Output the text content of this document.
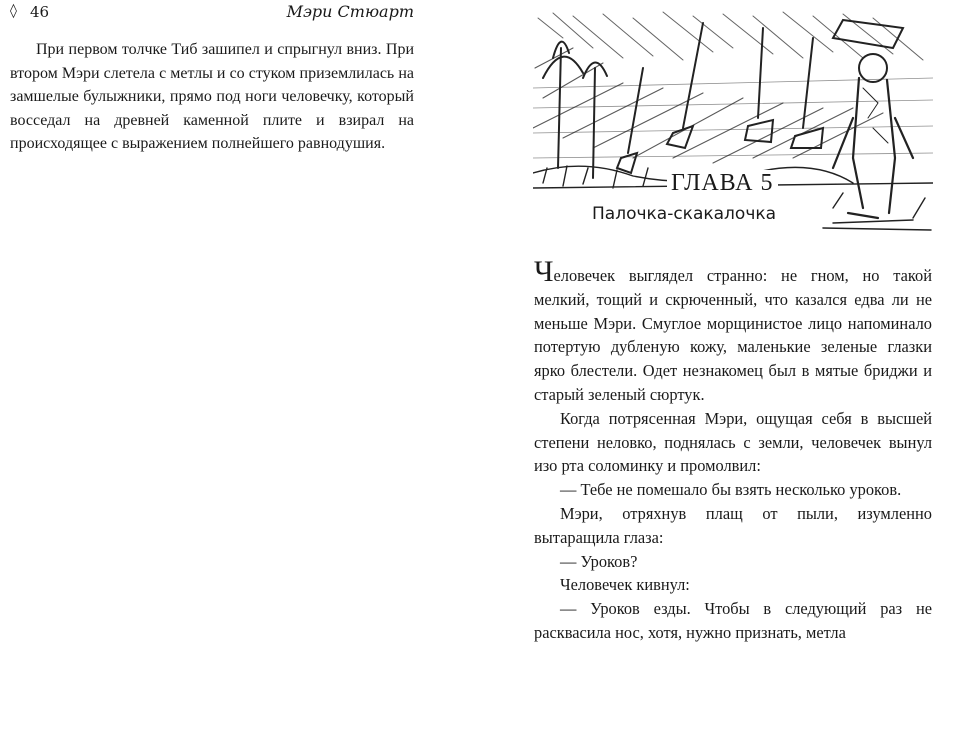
◊ 46	Мэри Стюарт

При первом толчке Тиб зашипел и спрыгнул вниз. При втором Мэри слетела с метлы и со стуком приземлилась на замшелые булыжники, прямо под ноги человечку, который восседал на древней каменной плите и взирал на происходящее с выражением полнейшего равнодушия.

ГЛАВА 5
Палочка-скакалочка

Человечек выглядел странно: не гном, но такой мелкий, тощий и скрюченный, что казался едва ли не меньше Мэри. Смуглое морщинистое лицо напоминало потертую дубленую кожу, маленькие зеленые глазки ярко блестели. Одет незнакомец был в мятые бриджи и старый зеленый сюртук.

Когда потрясенная Мэри, ощущая себя в высшей степени неловко, поднялась с земли, человечек вынул изо рта соломинку и промолвил:

— Тебе не помешало бы взять несколько уроков.

Мэри, отряхнув плащ от пыли, изумленно вытаращила глаза:

— Уроков?

Человечек кивнул:

— Уроков езды. Чтобы в следующий раз не расквасила нос, хотя, нужно признать, метла
